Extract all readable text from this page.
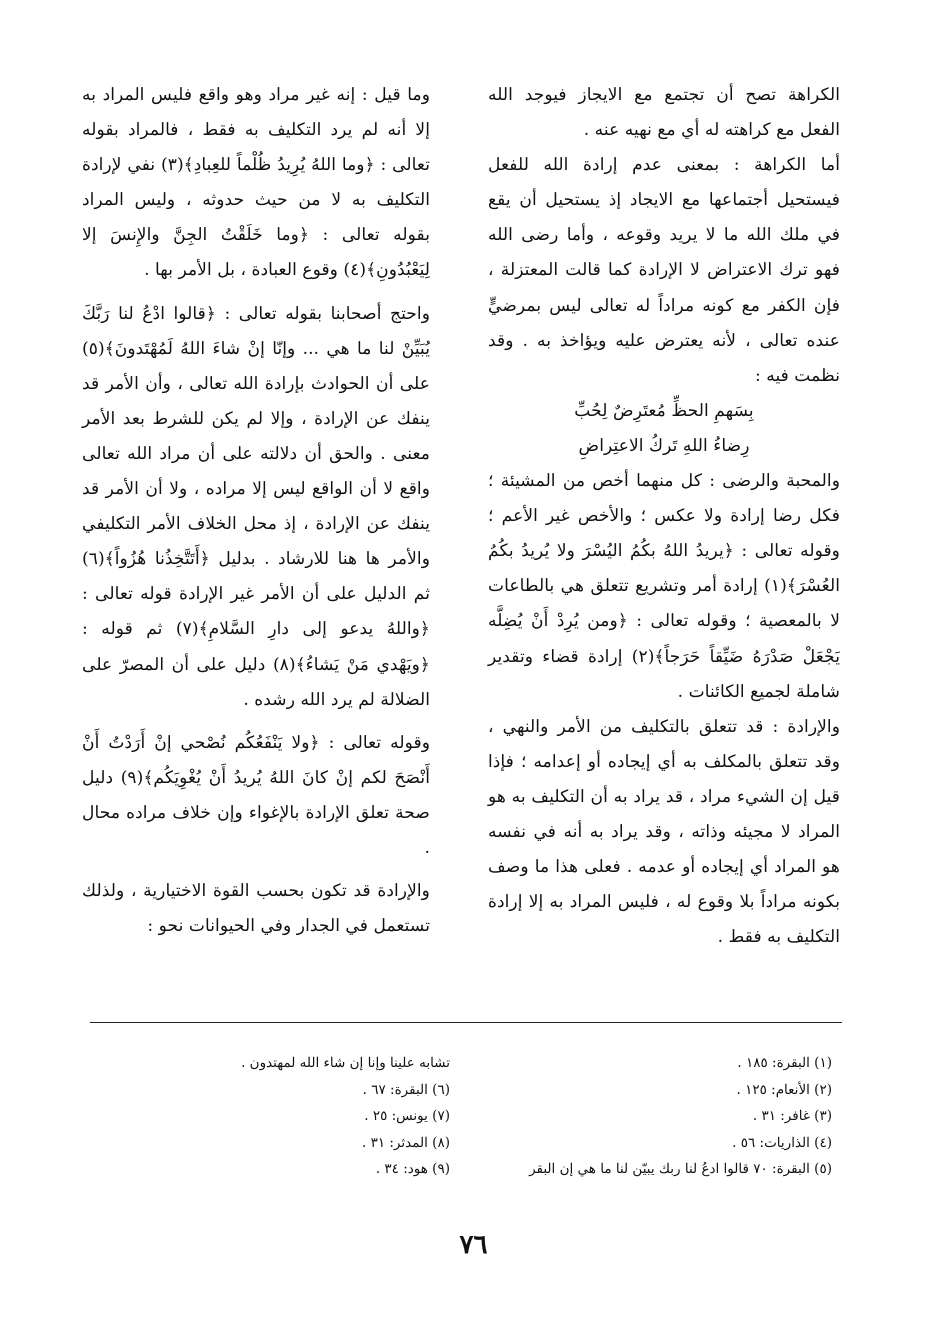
الكراهة تصح أن تجتمع مع الايجاز فيوجد الله الفعل مع كراهته له أي مع نهيه عنه .

أما الكراهة : بمعنى عدم إرادة الله للفعل فيستحيل أجتماعها مع الايجاد إذ يستحيل أن يقع في ملك الله ما لا يريد وقوعه ، وأما رضى الله فهو ترك الاعتراض لا الإرادة كما قالت المعتزلة ، فإن الكفر مع كونه مراداً له تعالى ليس بمرضيٍّ عنده تعالى ، لأنه يعترض عليه ويؤاخذ به . وقد نظمت فيه :

بِسَهمِ الحظِّ مُعتَرِضٌ لِحُبِّ

رِضاءُ اللهِ تَركُ الاعتِراضِ

والمحبة والرضى : كل منهما أخص من المشيئة ؛ فكل رضا إرادة ولا عكس ؛ والأخص غير الأعم ؛ وقوله تعالى : ﴿يريدُ اللهُ بكُمُ اليُسْرَ ولا يُريدُ بكُمُ العُسْرَ﴾(١) إرادة أمر وتشريع تتعلق هي بالطاعات لا بالمعصية ؛ وقوله تعالى : ﴿ومن يُرِدْ أَنْ يُضِلَّه يَجْعَلْ صَدْرَهُ ضَيِّقاً حَرَجاً﴾(٢) إرادة قضاء وتقدير شاملة لجميع الكائنات .

والإرادة : قد تتعلق بالتكليف من الأمر والنهي ، وقد تتعلق بالمكلف به أي إيجاده أو إعدامه ؛ فإذا قيل إن الشيء مراد ، قد يراد به أن التكليف به هو المراد لا مجيئه وذاته ، وقد يراد به أنه في نفسه هو المراد أي إيجاده أو عدمه . فعلى هذا ما وصف بكونه مراداً بلا وقوع له ، فليس المراد به إلا إرادة التكليف به فقط .

وما قيل : إنه غير مراد وهو واقع فليس المراد به إلا أنه لم يرد التكليف به فقط ، فالمراد بقوله تعالى : ﴿وما اللهُ يُرِيدُ ظُلْماً للعِبادِ﴾(٣) نفي لإرادة التكليف به لا من حيث حدوثه ، وليس المراد بقوله تعالى : ﴿وما خَلَقْتُ الجِنَّ والإِنسَ إلا لِيَعْبُدُونِ﴾(٤) وقوع العبادة ، بل الأمر بها .

واحتج أصحابنا بقوله تعالى : ﴿قالوا ادْعُ لنا رَبَّكَ يُبَيِّنْ لنا ما هي ... وإنّا إنْ شاءَ اللهُ لَمُهْتَدونَ﴾(٥) على أن الحوادث بإرادة الله تعالى ، وأن الأمر قد ينفك عن الإرادة ، وإلا لم يكن للشرط بعد الأمر معنى . والحق أن دلالته على أن مراد الله تعالى واقع لا أن الواقع ليس إلا مراده ، ولا أن الأمر قد ينفك عن الإرادة ، إذ محل الخلاف الأمر التكليفي والأمر ها هنا للارشاد . بدليل ﴿أَتَتَّخِذُنا هُزُواً﴾(٦) ثم الدليل على أن الأمر غير الإرادة قوله تعالى : ﴿واللهُ يدعو إلى دارِ السَّلامِ﴾(٧) ثم قوله : ﴿ويَهْدي مَنْ يَشاءُ﴾(٨) دليل على أن المصرّ على الضلالة لم يرد الله رشده .

وقوله تعالى : ﴿ولا يَنْفَعُكُم نُصْحي إنْ أَرَدْتُ أَنْ أَنْصَحَ لكم إنْ كانَ اللهُ يُريدُ أَنْ يُغْوِيَكُم﴾(٩) دليل صحة تعلق الإرادة بالإغواء وإن خلاف مراده محال .

والإرادة قد تكون بحسب القوة الاختيارية ، ولذلك تستعمل في الجدار وفي الحيوانات نحو :

(١) البقرة: ١٨٥ .
(٢) الأنعام: ١٢٥ .
(٣) غافر: ٣١ .
(٤) الذاريات: ٥٦ .
(٥) البقرة: ٧٠ قالوا ادعُ لنا ربك يبيّن لنا ما هي إن البقر
تشابه علينا وإنا إن شاء الله لمهتدون .
(٦) البقرة: ٦٧ .
(٧) يونس: ٢٥ .
(٨) المدثر: ٣١ .
(٩) هود: ٣٤ .
٧٦
